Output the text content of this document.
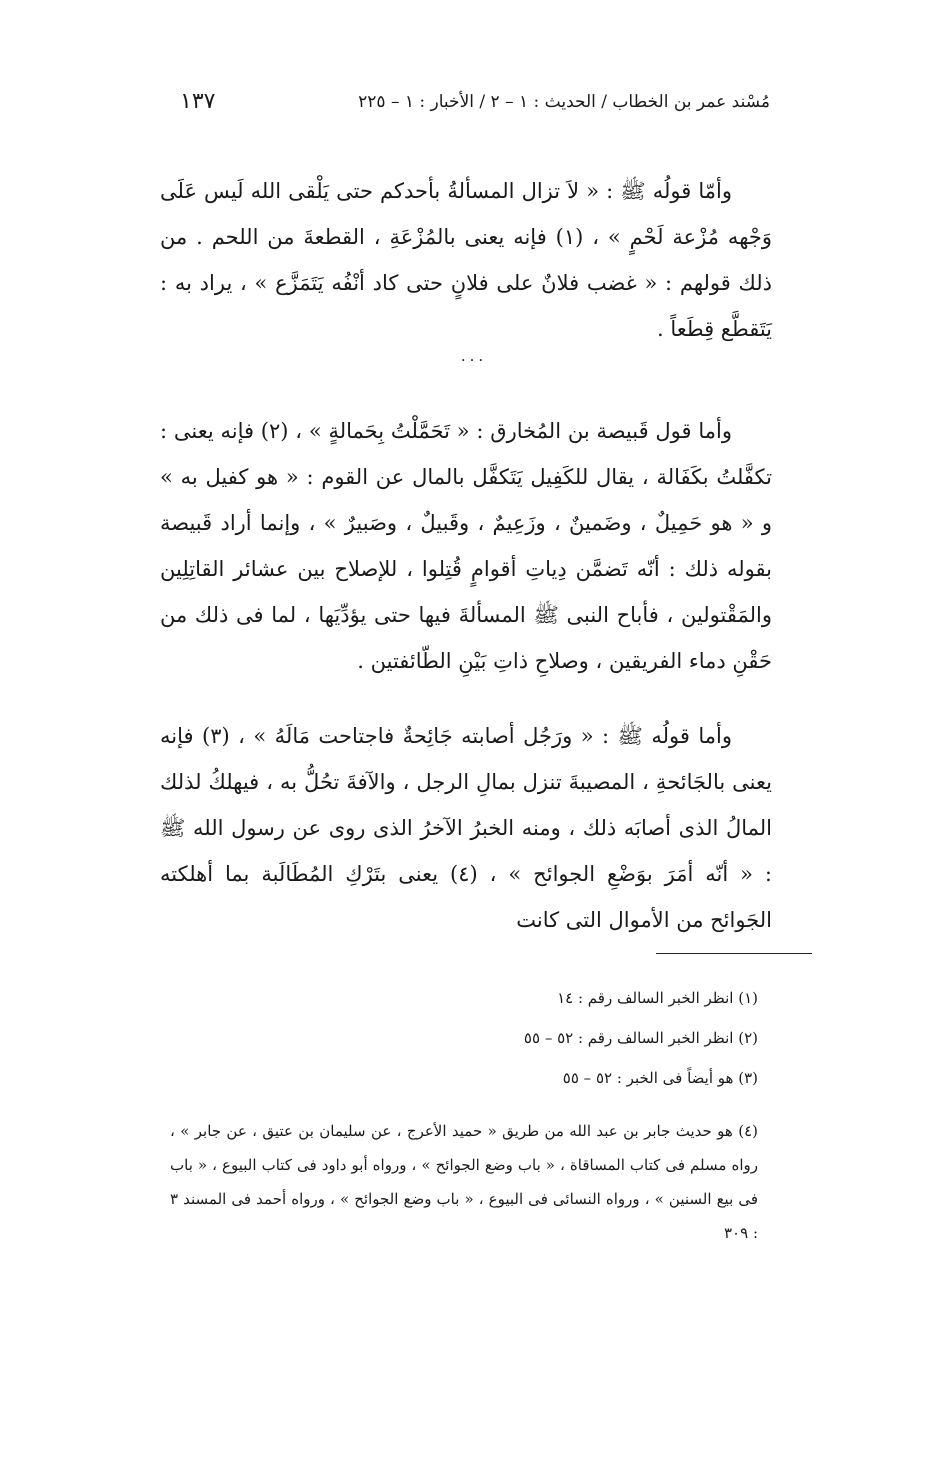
مُسْند عمر بن الخطاب / الحديث : ١ – ٢ / الأخبار : ١ – ٢٢٥
١٣٧

وأمّا قولُه ﷺ : « لاَ تزال المسألةُ بأحدكم حتى يَلْقى الله لَيس عَلَى وَجْهه مُزْعة لَحْمٍ » ، (١) فإنه يعنى بالمُزْعَةِ ، القطعةَ من اللحم . من ذلك قولهم : « غضب فلانٌ على فلانٍ حتى كاد أنْفُه يَتَمَزَّع » ، يراد به : يَتَقطَّع قِطَعاً .

...

وأما قول قَبيصة بن المُخارق : « تَحَمَّلْتُ بِحَمالةٍ » ، (٢) فإنه يعنى : تكفَّلتُ بكَفَالة ، يقال للكَفِيل يَتَكفَّل بالمال عن القوم : « هو كفيل به » و « هو حَمِيلٌ ، وضَمينٌ ، وزَعِيمٌ ، وقَبيلٌ ، وصَبيرٌ » ، وإنما أراد قَبيصة بقوله ذلك : أنّه تَضمَّن دِياتِ أقوامٍ قُتِلوا ، للإصلاح بين عشائر القاتِلِين والمَقْتولين ، فأباح النبى ﷺ المسألةَ فيها حتى يؤدِّيَها ، لما فى ذلك من حَقْنِ دماء الفريقين ، وصلاحِ ذاتِ بَيْنِ الطّائفتين .

وأما قولُه ﷺ : « ورَجُل أصابته جَائِحةٌ فاجتاحت مَالَهُ » ، (٣) فإنه يعنى بالجَائحةِ ، المصيبةَ تنزل بمالِ الرجل ، والآفةَ تحُلُّ به ، فيهلكُ لذلك المالُ الذى أصابَه ذلك ، ومنه الخبرُ الآخرُ الذى روى عن رسول الله ﷺ : « أنّه أمَرَ بوَضْعِ الجوائح » ، (٤) يعنى بتَرْكِ المُطَالَبة بما أهلكته الجَوائح من الأموال التى كانت

(١) انظر الخبر السالف رقم : ١٤

(٢) انظر الخبر السالف رقم : ٥٢ – ٥٥

(٣) هو أيضاً فى الخبر : ٥٢ – ٥٥

(٤) هو حديث جابر بن عبد الله من طريق « حميد الأعرج ، عن سليمان بن عتيق ، عن جابر » ، رواه مسلم فى كتاب المساقاة ، « باب وضع الجوائح » ، ورواه أبو داود فى كتاب البيوع ، « باب فى بيع السنين » ، ورواه النسائى فى البيوع ، « باب وضع الجوائح » ، ورواه أحمد فى المسند ٣ : ٣٠٩
